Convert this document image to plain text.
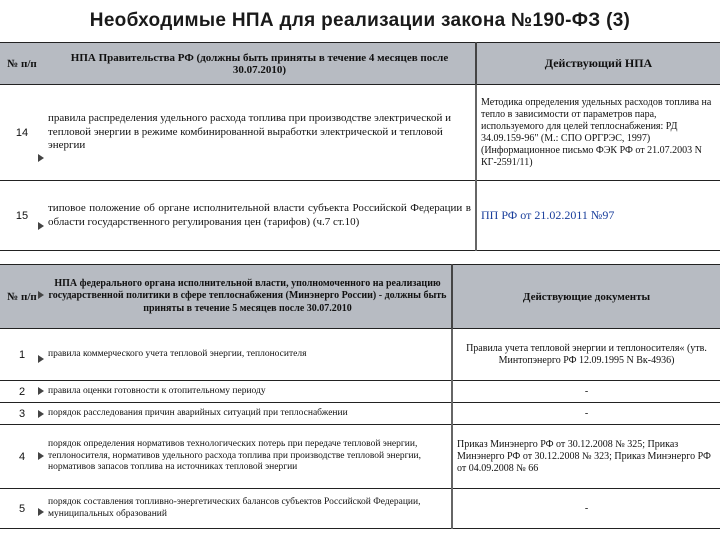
Необходимые НПА для реализации закона №190-ФЗ (3)
№ п/п	НПА Правительства РФ (должны быть приняты в течение 4 месяцев после 30.07.2010)	Действующий НПА
14	правила распределения удельного расхода топлива при производстве электрической и тепловой энергии в режиме комбинированной выработки электрической и тепловой энергии	Методика определения удельных расходов топлива на тепло в зависимости от параметров пара, используемого для целей теплоснабжения: РД 34.09.159-96" (М.: СПО ОРГРЭС, 1997) (Информационное письмо ФЭК РФ от 21.07.2003 N КГ-2591/11)
15	типовое положение об органе исполнительной власти субъекта Российской Федерации в области государственного регулирования цен (тарифов) (ч.7 ст.10)	ПП РФ от 21.02.2011 №97
№ п/п	НПА федерального органа исполнительной власти, уполномоченного на реализацию государственной политики в сфере теплоснабжения (Минэнерго России) - должны быть приняты в течение 5 месяцев после 30.07.2010	Действующие документы
1	правила коммерческого учета тепловой энергии, теплоносителя	Правила учета тепловой энергии и теплоносителя« (утв. Минтопэнерго РФ 12.09.1995 N Вк-4936)
2	правила оценки готовности к отопительному периоду	-
3	порядок расследования причин аварийных ситуаций при теплоснабжении	-
4	порядок определения нормативов технологических потерь при передаче тепловой энергии, теплоносителя, нормативов удельного расхода топлива при производстве тепловой энергии, нормативов запасов топлива на источниках тепловой энергии	Приказ Минэнерго РФ от 30.12.2008 № 325; Приказ Минэнерго РФ от 30.12.2008 № 323; Приказ Минэнерго РФ от 04.09.2008 № 66
5	порядок составления топливно-энергетических балансов субъектов Российской Федерации, муниципальных образований	-
